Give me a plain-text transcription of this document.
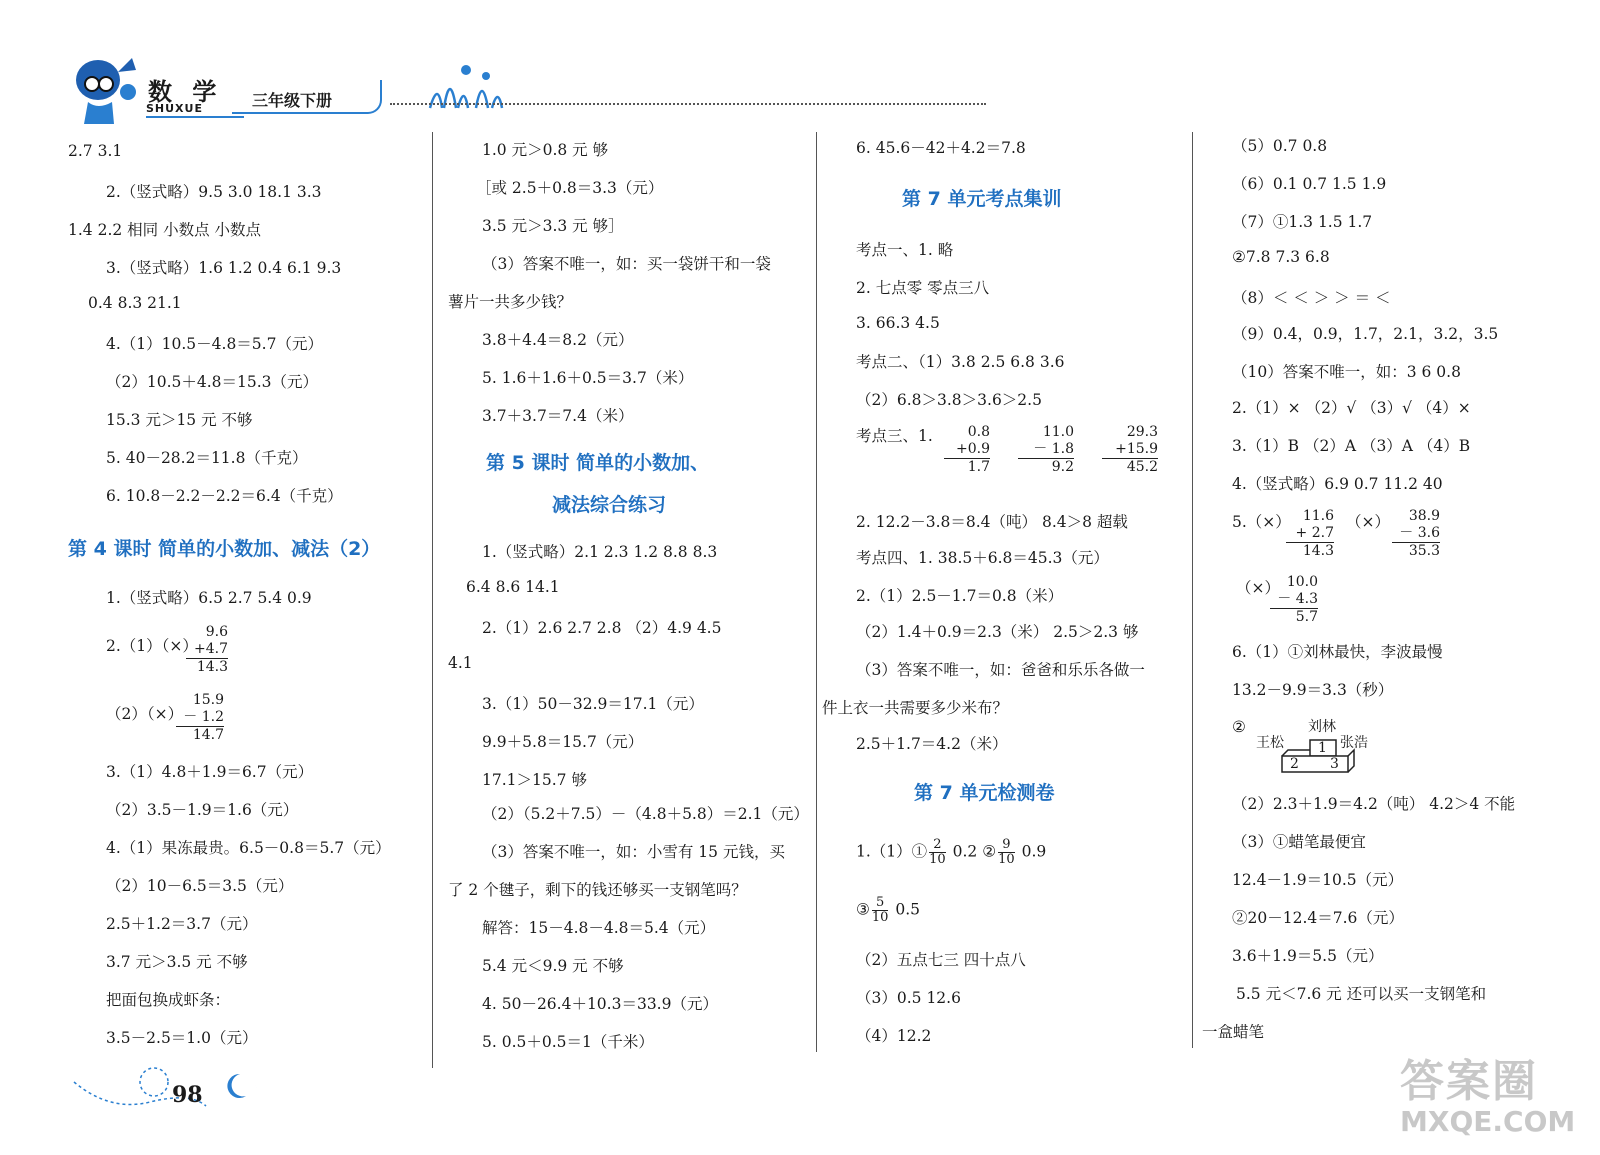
数 学
SHUXUE	三年级下册
2.7 3.1
2.（竖式略）9.5 3.0 18.1 3.3
1.4 2.2 相同 小数点 小数点
3.（竖式略）1.6 1.2 0.4 6.1 9.3
0.4 8.3 21.1
4.（1）10.5－4.8＝5.7（元）
（2）10.5＋4.8＝15.3（元）
15.3 元＞15 元 不够
5. 40－28.2＝11.8（千克）
6. 10.8－2.2－2.2＝6.4（千克）
第 4 课时 简单的小数加、减法（2）
1.（竖式略）6.5 2.7 5.4 0.9
2.（1）（×）
9.6
+4.7
14.3
（2）（×）
15.9
－ 1.2
14.7
3.（1）4.8＋1.9＝6.7（元）
（2）3.5－1.9＝1.6（元）
4.（1）果冻最贵。6.5－0.8＝5.7（元）
（2）10－6.5＝3.5（元）
2.5＋1.2＝3.7（元）
3.7 元＞3.5 元 不够
把面包换成虾条：
3.5－2.5＝1.0（元）
1.0 元＞0.8 元 够
［或 2.5＋0.8＝3.3（元）
3.5 元＞3.3 元 够］
（3）答案不唯一，如：买一袋饼干和一袋
薯片一共多少钱？
3.8＋4.4＝8.2（元）
5. 1.6＋1.6＋0.5＝3.7（米）
3.7＋3.7＝7.4（米）
第 5 课时 简单的小数加、
减法综合练习
1.（竖式略）2.1 2.3 1.2 8.8 8.3
6.4 8.6 14.1
2.（1）2.6 2.7 2.8 （2）4.9 4.5
4.1
3.（1）50－32.9＝17.1（元）
9.9＋5.8＝15.7（元）
17.1＞15.7 够
（2）（5.2＋7.5）－（4.8＋5.8）＝2.1（元）
（3）答案不唯一，如：小雪有 15 元钱，买
了 2 个毽子，剩下的钱还够买一支钢笔吗？
解答：15－4.8－4.8＝5.4（元）
5.4 元＜9.9 元 不够
4. 50－26.4＋10.3＝33.9（元）
5. 0.5＋0.5＝1（千米）
6. 45.6－42＋4.2＝7.8
第 7 单元考点集训
考点一、1. 略
2. 七点零 零点三八
3. 66.3 4.5
考点二、（1）3.8 2.5 6.8 3.6
（2）6.8＞3.8＞3.6＞2.5
考点三、1.	0.8
+0.9
1.7
11.0
－ 1.8
9.2
29.3
+15.9
45.2
2. 12.2－3.8＝8.4（吨） 8.4＞8 超载
考点四、1. 38.5＋6.8＝45.3（元）
2.（1）2.5－1.7＝0.8（米）
（2）1.4＋0.9＝2.3（米） 2.5＞2.3 够
（3）答案不唯一，如：爸爸和乐乐各做一
件上衣一共需要多少米布？
2.5＋1.7＝4.2（米）
第 7 单元检测卷
1.（1）① $\frac{2}{10} 0.2$ ② $\frac{9}{10} 0.9$
③ $\frac{5}{10} 0.5$
（2）五点七三 四十点八
（3）0.5 12.6
（4）12.2
（5）0.7 0.8
（6）0.1 0.7 1.5 1.9
（7）①1.3 1.5 1.7
②7.8 7.3 6.8
（8）＜ ＜ ＞ ＞ ＝ ＜
（9）0.4，0.9，1.7，2.1，3.2，3.5
（10）答案不唯一，如：3 6 0.8
2.（1）× （2）√ （3）√ （4）×
3.（1）B （2）A （3）A （4）B
4.（竖式略）6.9 0.7 11.2 40
5.（×） 11.6
+ 2.7
14.3
（×）	38.9
－ 3.6
35.3
（×） 10.0
－ 4.3
5.7
6.（1）①刘林最快，李波最慢
13.2－9.9＝3.3（秒）
②
（2）2.3＋1.9＝4.2（吨） 4.2＞4 不能
（3）①蜡笔最便宜
12.4－1.9＝10.5（元）
②20－12.4＝7.6（元）
3.6＋1.9＝5.5（元）
5.5 元＜7.6 元 还可以买一支钢笔和
一盒蜡笔
刘林
王松	张浩
1
2 3
98	答案圈
MXQE.COM
